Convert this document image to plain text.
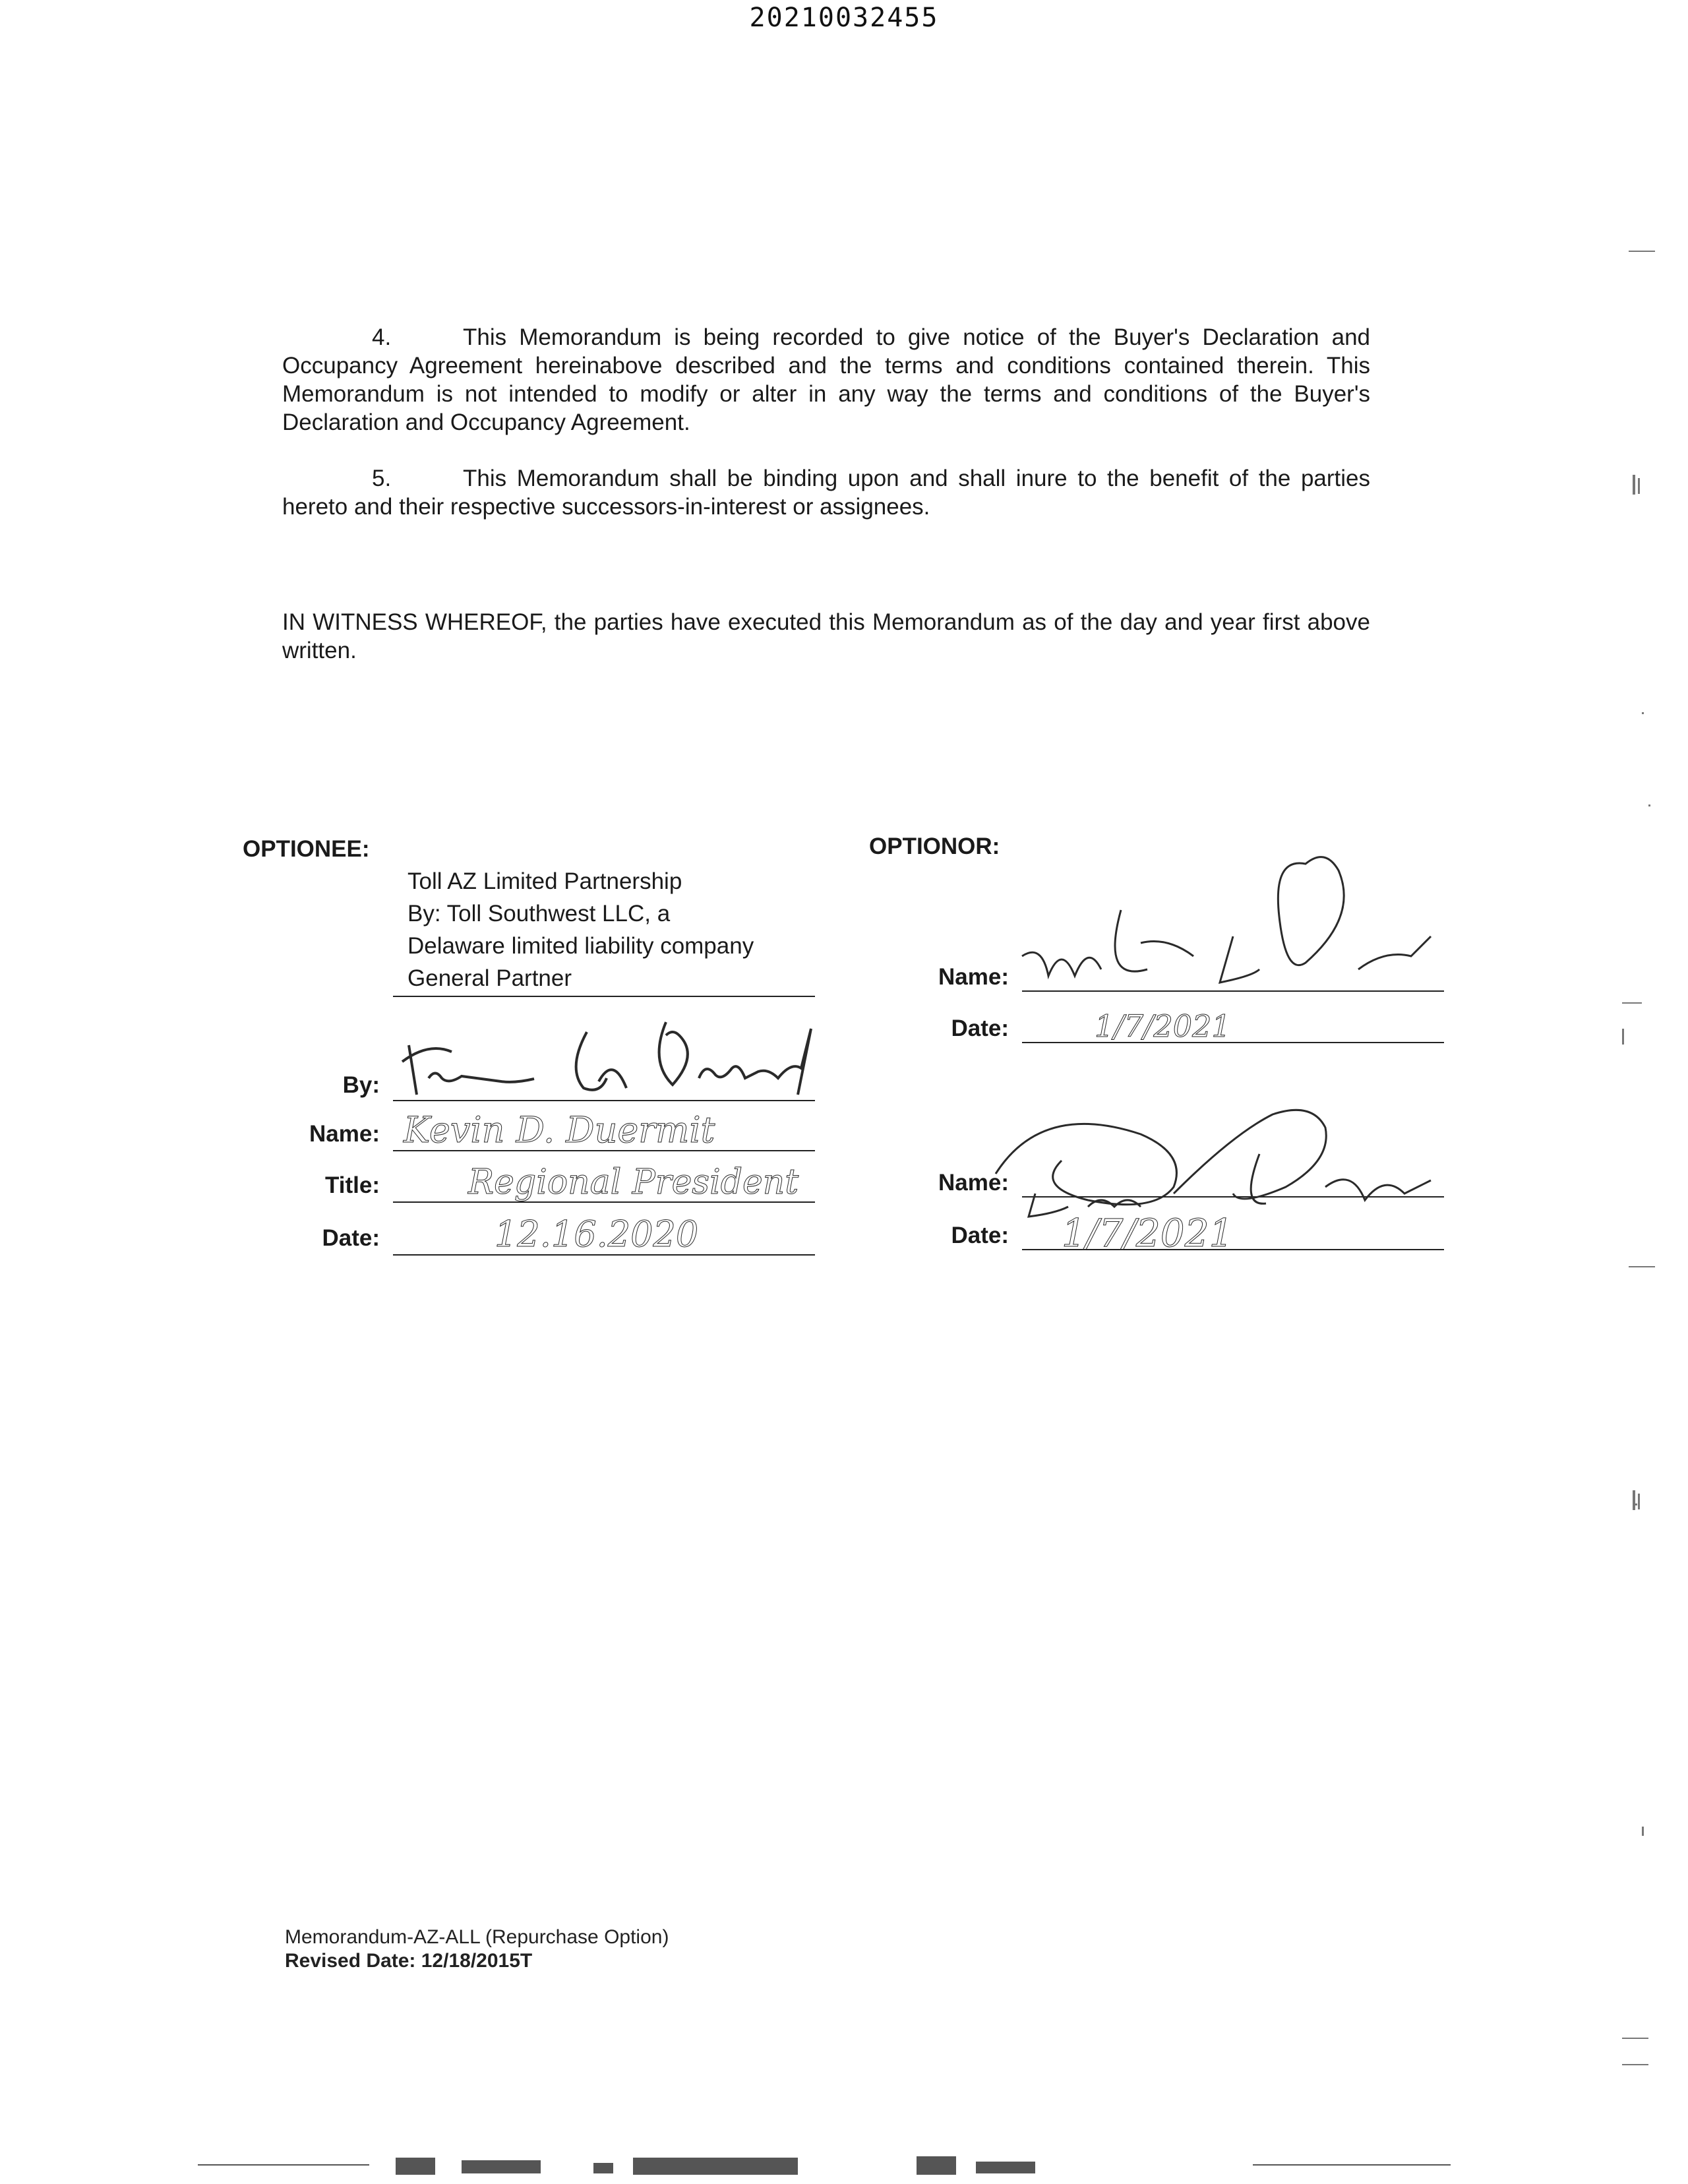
20210032455
4.	This Memorandum is being recorded to give notice of the Buyer's Declaration and Occupancy Agreement hereinabove described and the terms and conditions contained therein. This Memorandum is not intended to modify or alter in any way the terms and conditions of the Buyer's Declaration and Occupancy Agreement.
5.	This Memorandum shall be binding upon and shall inure to the benefit of the parties hereto and their respective successors-in-interest or assignees.
IN WITNESS WHEREOF, the parties have executed this Memorandum as of the day and year first above written.
OPTIONEE:
Toll AZ Limited Partnership
By: Toll Southwest LLC, a
Delaware limited liability company
General Partner
By:
Name: Kevin D. Duermit
Title:	Regional President
Date:	12.16.2020
OPTIONOR:
Name:
Date:	1/7/2021
Name:
Date: 1/7/2021
Memorandum-AZ-ALL (Repurchase Option)
Revised Date: 12/18/2015T
